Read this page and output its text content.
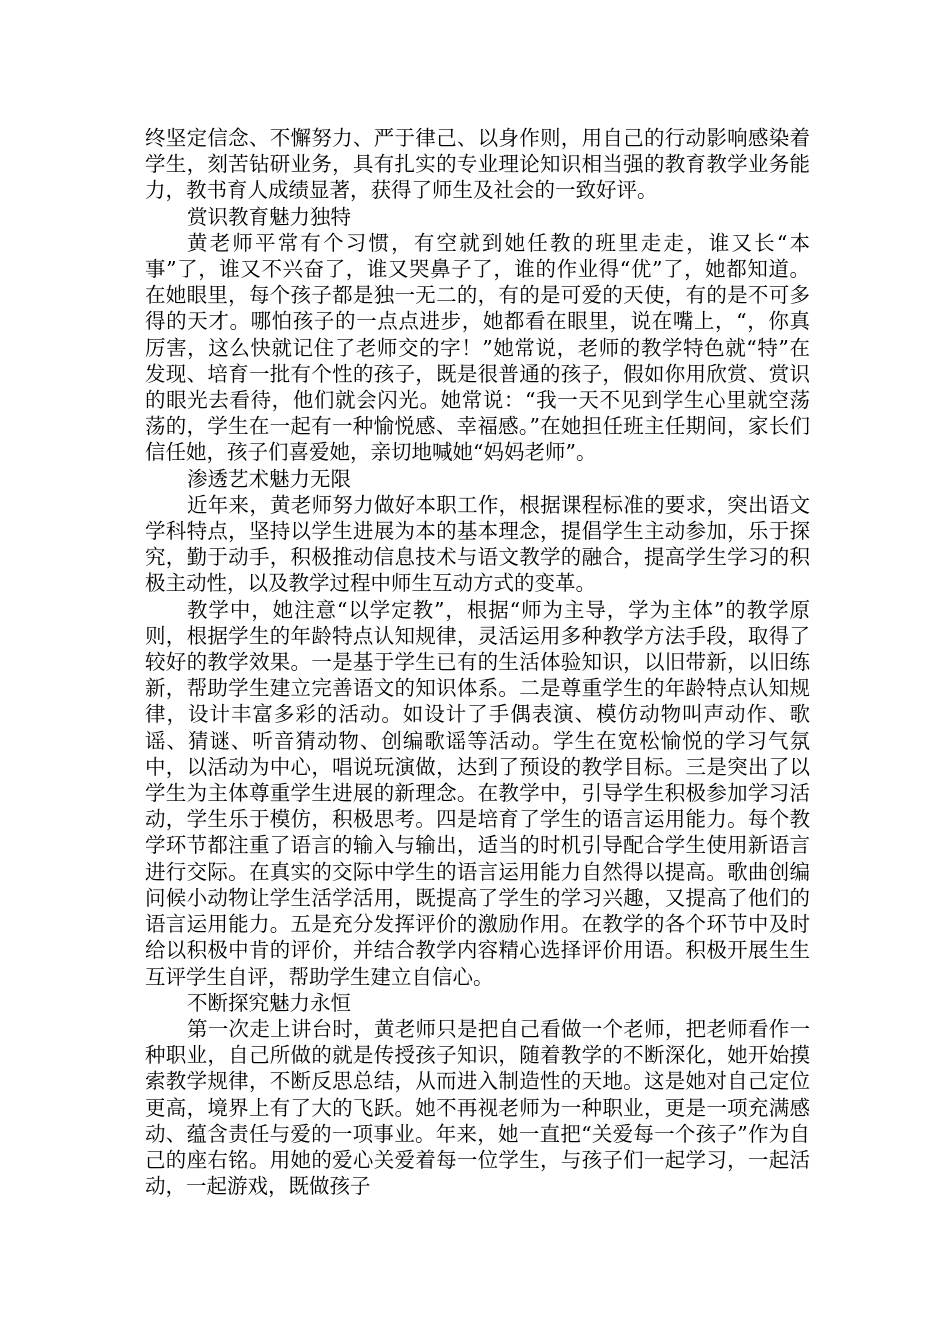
终坚定信念、不懈努力、严于律己、以身作则，用自己的行动影响感染着学生，刻苦钻研业务，具有扎实的专业理论知识相当强的教育教学业务能力，教书育人成绩显著，获得了师生及社会的一致好评。

赏识教育魅力独特

黄老师平常有个习惯，有空就到她任教的班里走走，谁又长“本事”了，谁又不兴奋了，谁又哭鼻子了，谁的作业得“优”了，她都知道。在她眼里，每个孩子都是独一无二的，有的是可爱的天使，有的是不可多得的天才。哪怕孩子的一点点进步，她都看在眼里，说在嘴上，“，你真厉害，这么快就记住了老师交的字！”她常说，老师的教学特色就“特”在发现、培育一批有个性的孩子，既是很普通的孩子，假如你用欣赏、赏识的眼光去看待，他们就会闪光。她常说：“我一天不见到学生心里就空荡荡的，学生在一起有一种愉悦感、幸福感。”在她担任班主任期间，家长们信任她，孩子们喜爱她，亲切地喊她“妈妈老师”。

渗透艺术魅力无限

近年来，黄老师努力做好本职工作，根据课程标准的要求，突出语文学科特点，坚持以学生进展为本的基本理念，提倡学生主动参加，乐于探究，勤于动手，积极推动信息技术与语文教学的融合，提高学生学习的积极主动性，以及教学过程中师生互动方式的变革。

教学中，她注意“以学定教”，根据“师为主导，学为主体”的教学原则，根据学生的年龄特点认知规律，灵活运用多种教学方法手段，取得了较好的教学效果。一是基于学生已有的生活体验知识，以旧带新，以旧练新，帮助学生建立完善语文的知识体系。二是尊重学生的年龄特点认知规律，设计丰富多彩的活动。如设计了手偶表演、模仿动物叫声动作、歌谣、猜谜、听音猜动物、创编歌谣等活动。学生在宽松愉悦的学习气氛中，以活动为中心，唱说玩演做，达到了预设的教学目标。三是突出了以学生为主体尊重学生进展的新理念。在教学中，引导学生积极参加学习活动，学生乐于模仿，积极思考。四是培育了学生的语言运用能力。每个教学环节都注重了语言的输入与输出，适当的时机引导配合学生使用新语言进行交际。在真实的交际中学生的语言运用能力自然得以提高。歌曲创编问候小动物让学生活学活用，既提高了学生的学习兴趣，又提高了他们的语言运用能力。五是充分发挥评价的激励作用。在教学的各个环节中及时给以积极中肯的评价，并结合教学内容精心选择评价用语。积极开展生生互评学生自评，帮助学生建立自信心。

不断探究魅力永恒

第一次走上讲台时，黄老师只是把自己看做一个老师，把老师看作一种职业，自己所做的就是传授孩子知识，随着教学的不断深化，她开始摸索教学规律，不断反思总结，从而进入制造性的天地。这是她对自己定位更高，境界上有了大的飞跃。她不再视老师为一种职业，更是一项充满感动、蕴含责任与爱的一项事业。年来，她一直把“关爱每一个孩子”作为自己的座右铭。用她的爱心关爱着每一位学生，与孩子们一起学习，一起活动，一起游戏，既做孩子
